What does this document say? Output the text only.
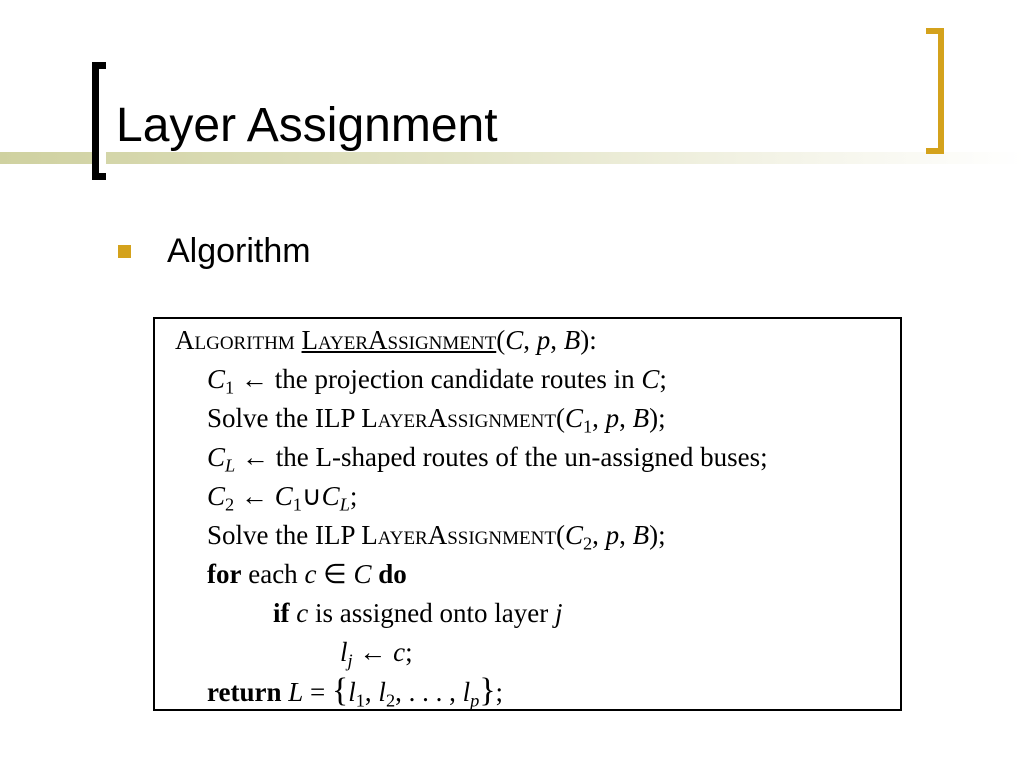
Layer Assignment
Algorithm
Algorithm LayerAssignment(C, p, B):
$C_1$ ← the projection candidate routes in C;
Solve the ILP $LayerAssignment(C_1$, p, B);
$C_L$ ← the L-shaped routes of the un-assigned buses;
$C_2$ ← $C_1\cup C_L$;
Solve the ILP $LayerAssignment(C_2$, p, B);
for each c ∈ C do
if c is assigned onto layer j
$l_j$ ← c;
return $L = \{l_1$, $l_2$, . . . , $l_p$};
